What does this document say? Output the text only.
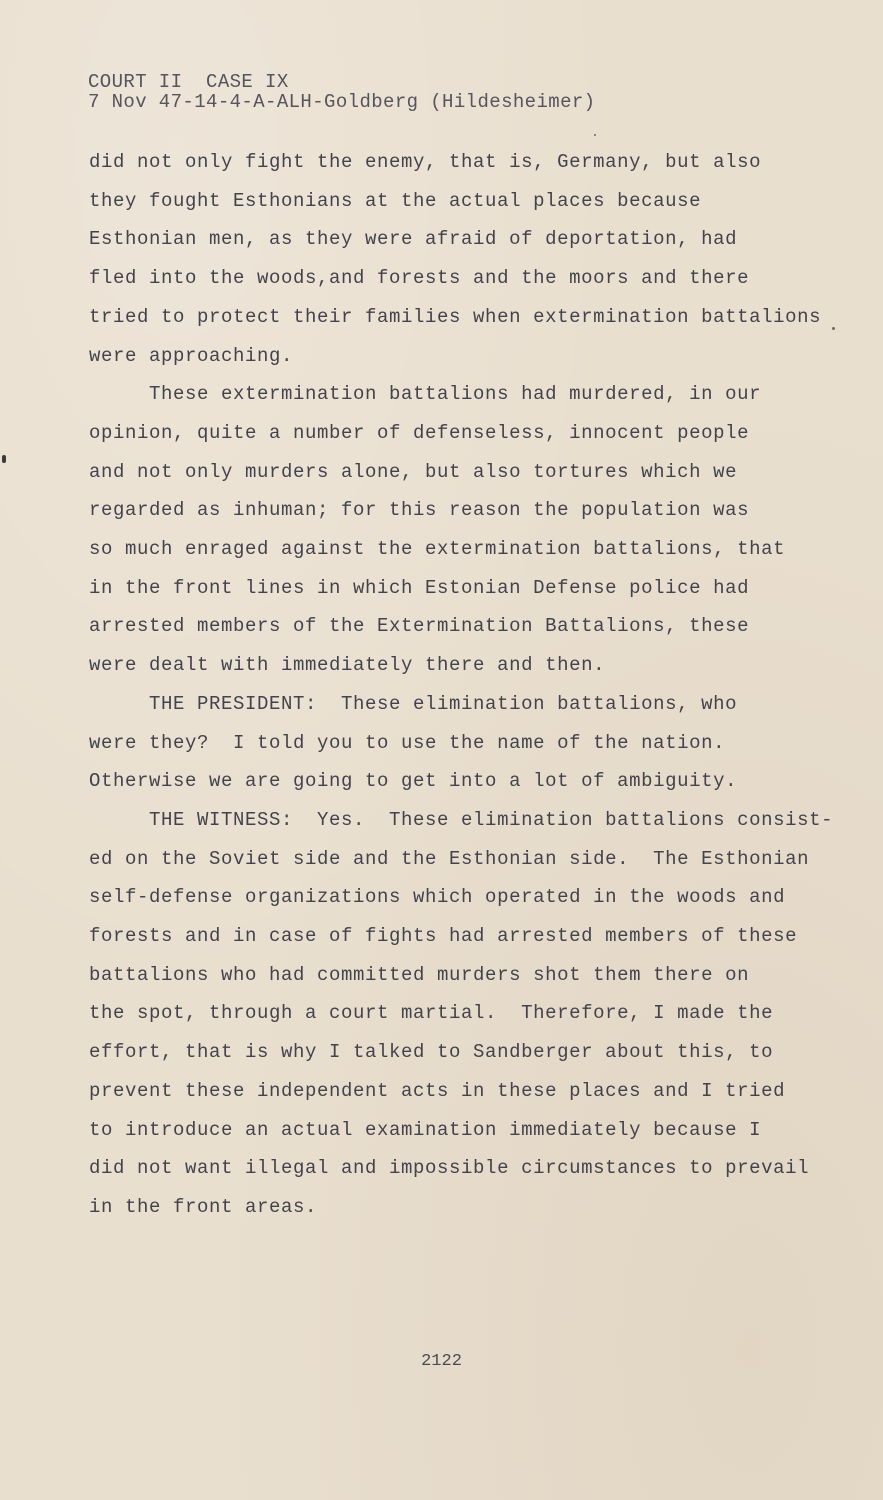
COURT II  CASE IX
7 Nov 47-14-4-A-ALH-Goldberg (Hildesheimer)
did not only fight the enemy, that is, Germany, but also
they fought Esthonians at the actual places because
Esthonian men, as they were afraid of deportation, had
fled into the woods,and forests and the moors and there
tried to protect their families when extermination battalions
were approaching.
These extermination battalions had murdered, in our
opinion, quite a number of defenseless, innocent people
and not only murders alone, but also tortures which we
regarded as inhuman; for this reason the population was
so much enraged against the extermination battalions, that
in the front lines in which Estonian Defense police had
arrested members of the Extermination Battalions, these
were dealt with immediately there and then.
THE PRESIDENT:  These elimination battalions, who
were they?  I told you to use the name of the nation.
Otherwise we are going to get into a lot of ambiguity.
THE WITNESS:  Yes.  These elimination battalions consist-
ed on the Soviet side and the Esthonian side.  The Esthonian
self-defense organizations which operated in the woods and
forests and in case of fights had arrested members of these
battalions who had committed murders shot them there on
the spot, through a court martial.  Therefore, I made the
effort, that is why I talked to Sandberger about this, to
prevent these independent acts in these places and I tried
to introduce an actual examination immediately because I
did not want illegal and impossible circumstances to prevail
in the front areas.
2122
